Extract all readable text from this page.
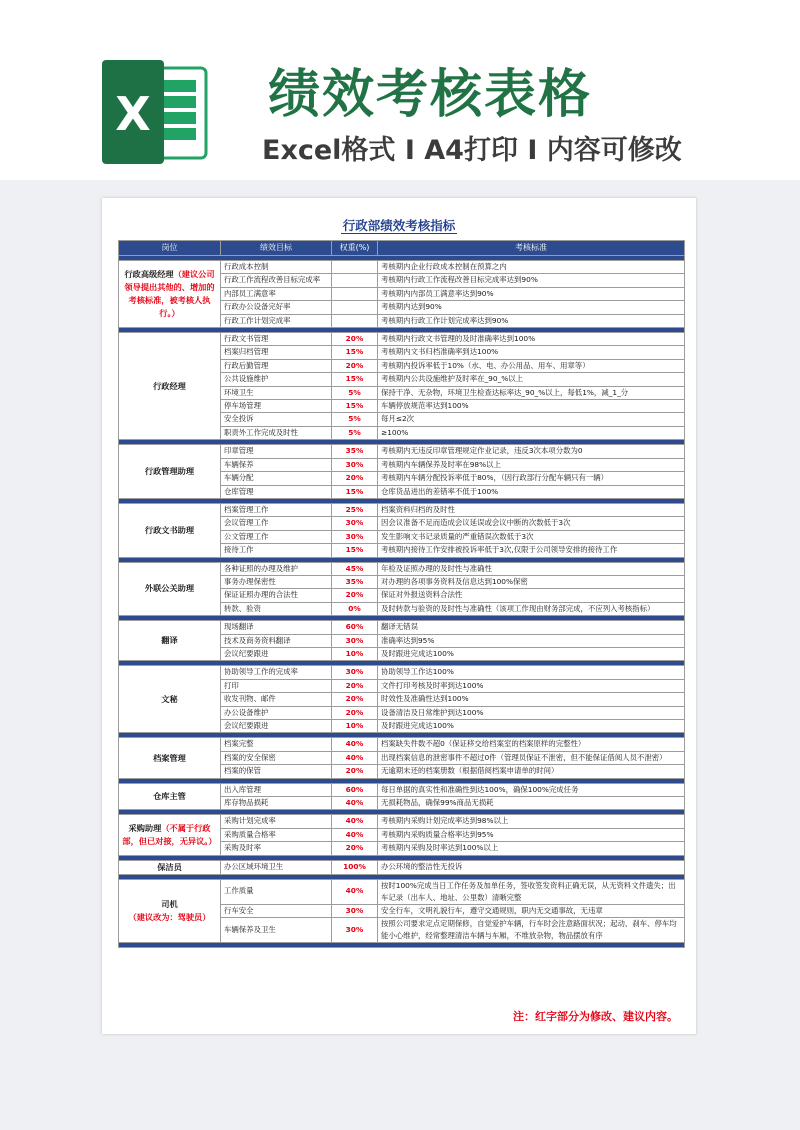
X 绩效考核表格
Excel格式 I A4打印 I 内容可修改
行政部绩效考核指标
岗位	绩效目标	权重(%)	考核标准

行政高级经理（建议公司领导提出其他的、增加的考核标准，被考核人执行。）	行政成本控制		考核期内企业行政成本控制在预算之内
	行政工作流程改善目标完成率		考核期内行政工作流程改善目标完成率达到90%
	内部员工满意率		考核期内内部员工满意率达到90%
	行政办公设备完好率		考核期内达到90%
	行政工作计划完成率		考核期内行政工作计划完成率达到90%

行政经理	行政文书管理	20%	考核期内行政文书管理的及时准确率达到100%
	档案归档管理	15%	考核期内文书归档准确率到达100%
	行政后勤管理	20%	考核期内投诉率低于10%（水、电、办公用品、用车、用章等）
	公共设施维护	15%	考核期内公共设施维护及时率在_90_%以上
	环境卫生	5%	保持干净、无杂物，环境卫生检查达标率达_90_%以上，每低1%，减_1_分
	停车场管理	15%	车辆停放规范率达到100%
	安全投诉	5%	每月≤2次
	职责外工作完成及时性	5%	≥100%

行政管理助理	印章管理	35%	考核期内无违反印章管理规定作业记录，违反3次本项分数为0
	车辆保养	30%	考核期内车辆保养及时率在98%以上
	车辆分配	20%	考核期内车辆分配投诉率低于80%，（因行政部行分配车辆只有一辆）
	仓库管理	15%	仓库货品进出的差错率不低于100%

行政文书助理	档案管理工作	25%	档案资料归档的及时性
	会议管理工作	30%	因会议准备不足而造成会议延误或会议中断的次数低于3次
	公文管理工作	30%	发生影响文书记录质量的严重错误次数低于3次
	接待工作	15%	考核期内接待工作安排被投诉率低于3次,仅限于公司领导安排的接待工作

外联公关助理	各种证照的办理及维护	45%	年检及证照办理的及时性与准确性
	事务办理保密性	35%	对办理的各项事务资料及信息达到100%保密
	保证证照办理的合法性	20%	保证对外报送资料合法性
	转款、验资	0%	及时转款与验资的及时性与准确性（该项工作现由财务部完成，不应列入考核指标）

翻译	现场翻译	60%	翻译无错误
	技术及商务资料翻译	30%	准确率达到95%
	会议纪要跟进	10%	及时跟进完成达100%

文秘	协助领导工作的完成率	30%	协助领导工作达100%
	打印	20%	文件打印考核及时率到达100%
	收发刊物、邮件	20%	时效性及准确性达到100%
	办公设备维护	20%	设备清洁及日常维护到达100%
	会议纪要跟进	10%	及时跟进完成达100%

档案管理	档案完整	40%	档案缺失件数不超0（保证移交给档案室的档案原样的完整性）
	档案的安全保密	40%	出现档案信息的泄密事件不超过0件（管理员保证不泄密，但不能保证借阅人员不泄密）
	档案的保管	20%	无逾期未还的档案册数（根据借阅档案申请单的时间）

仓库主管	出入库管理	60%	每日单据的真实性和准确性到达100%，确保100%完成任务
	库存物品损耗	40%	无损耗物品，确保99%商品无损耗

采购助理（不属于行政部，但已对接，无异议。）	采购计划完成率	40%	考核期内采购计划完成率达到98%以上
	采购质量合格率	40%	考核期内采购质量合格率达到95%
	采购及时率	20%	考核期内采购及时率达到100%以上

保洁员	办公区域环境卫生	100%	办公环境的整洁性无投诉

司机（建议改为：驾驶员）	工作质量	40%	按时100%完成当日工作任务及加单任务，签收签发资料正确无误，从无资料文件遗失；出车记录（出车人、地址、公里数）清晰完整
	行车安全	30%	安全行车，文明礼貌行车，遵守交通规则，职内无交通事故，无违章
	车辆保养及卫生	30%	按照公司要求定点定期保修，自觉爱护车辆，行车时会注意路面状况；起动、刹车、停车均能小心维护，经常整理清洁车辆与车厢，不堆放杂物，物品摆放有序

注：红字部分为修改、建议内容。
